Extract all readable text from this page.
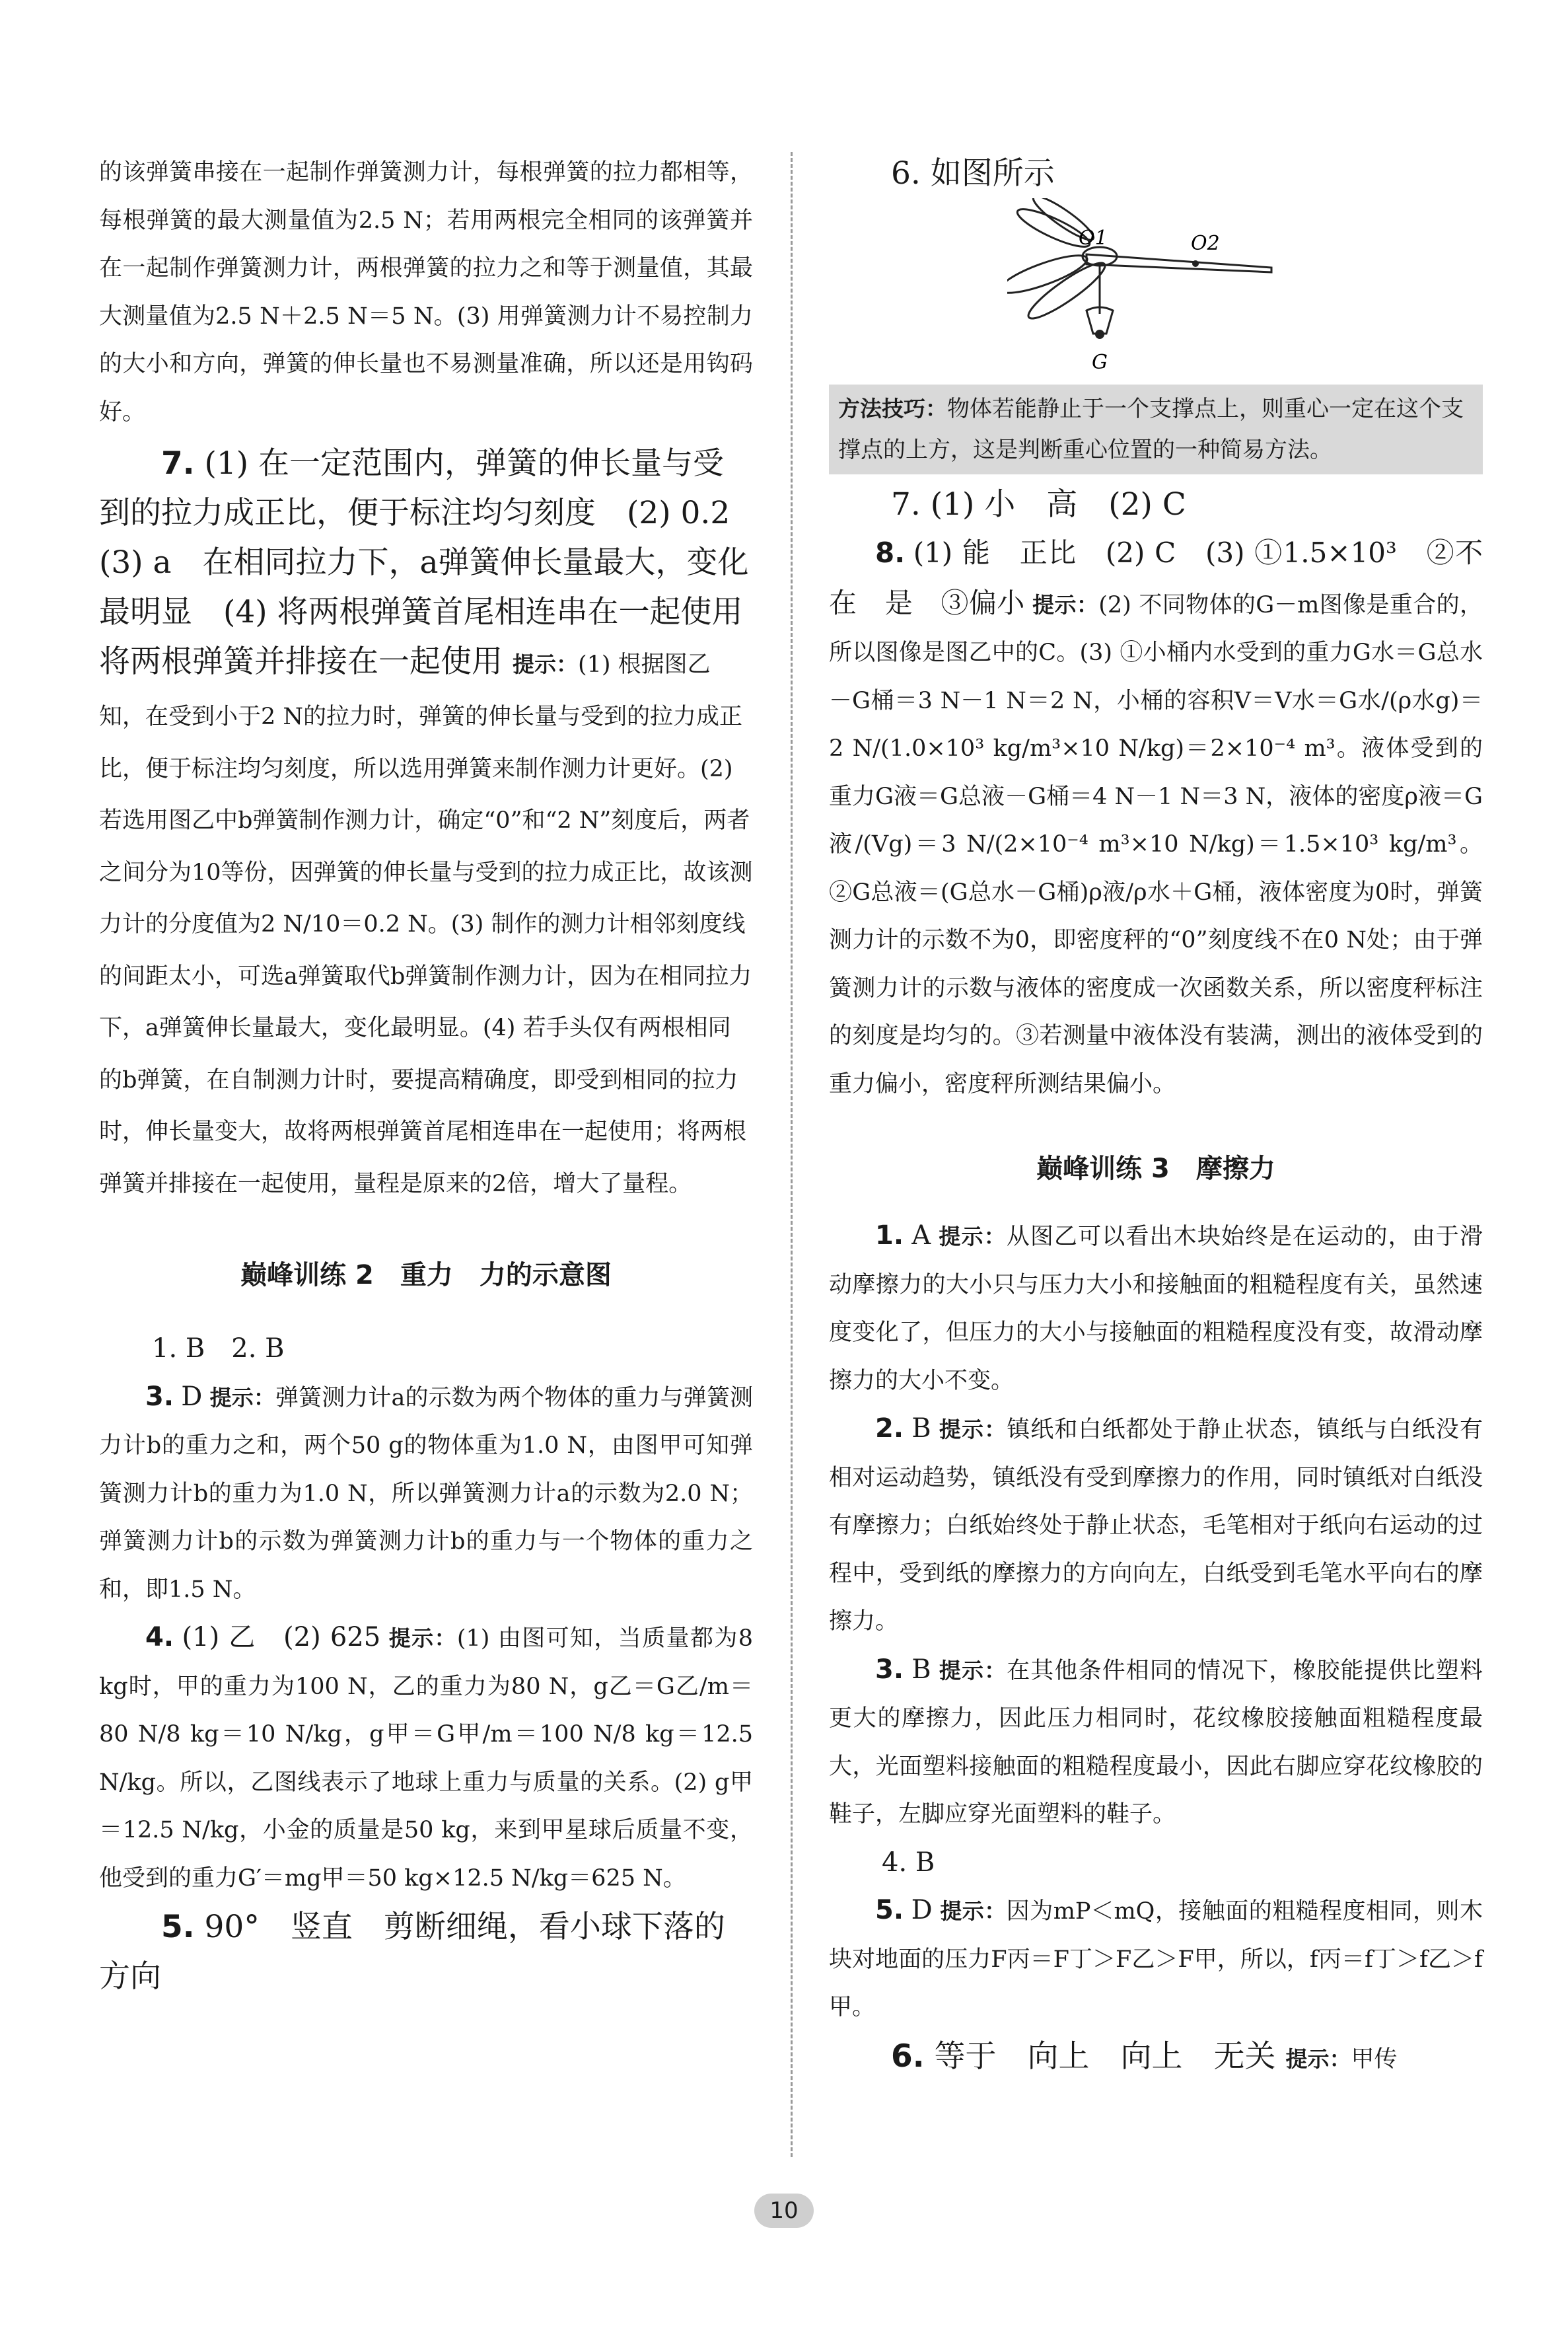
的该弹簧串接在一起制作弹簧测力计，每根弹簧的拉力都相等，每根弹簧的最大测量值为2.5 N；若用两根完全相同的该弹簧并在一起制作弹簧测力计，两根弹簧的拉力之和等于测量值，其最大测量值为2.5 N＋2.5 N＝5 N。(3) 用弹簧测力计不易控制力的大小和方向，弹簧的伸长量也不易测量准确，所以还是用钩码好。

7. (1) 在一定范围内，弹簧的伸长量与受到的拉力成正比，便于标注均匀刻度　(2) 0.2　(3) a　在相同拉力下，a弹簧伸长量最大，变化最明显　(4) 将两根弹簧首尾相连串在一起使用　将两根弹簧并排接在一起使用 提示：(1) 根据图乙知，在受到小于2 N的拉力时，弹簧的伸长量与受到的拉力成正比，便于标注均匀刻度，所以选用弹簧来制作测力计更好。(2) 若选用图乙中b弹簧制作测力计，确定“0”和“2 N”刻度后，两者之间分为10等份，因弹簧的伸长量与受到的拉力成正比，故该测力计的分度值为2 N/10＝0.2 N。(3) 制作的测力计相邻刻度线的间距太小，可选a弹簧取代b弹簧制作测力计，因为在相同拉力下，a弹簧伸长量最大，变化最明显。(4) 若手头仅有两根相同的b弹簧，在自制测力计时，要提高精确度，即受到相同的拉力时，伸长量变大，故将两根弹簧首尾相连串在一起使用；将两根弹簧并排接在一起使用，量程是原来的2倍，增大了量程。

巅峰训练 2　重力　力的示意图

1. B　2. B

3. D 提示：弹簧测力计a的示数为两个物体的重力与弹簧测力计b的重力之和，两个50 g的物体重为1.0 N，由图甲可知弹簧测力计b的重力为1.0 N，所以弹簧测力计a的示数为2.0 N；弹簧测力计b的示数为弹簧测力计b的重力与一个物体的重力之和，即1.5 N。

4. (1) 乙　(2) 625 提示：(1) 由图可知，当质量都为8 kg时，甲的重力为100 N，乙的重力为80 N，g乙＝G乙/m＝80 N/8 kg＝10 N/kg，g甲＝G甲/m＝100 N/8 kg＝12.5 N/kg。所以，乙图线表示了地球上重力与质量的关系。(2) g甲＝12.5 N/kg，小金的质量是50 kg，来到甲星球后质量不变，他受到的重力G′＝mg甲＝50 kg×12.5 N/kg＝625 N。

5. 90°　竖直　剪断细绳，看小球下落的方向

6. 如图所示

O1	O2
G
方法技巧：物体若能静止于一个支撑点上，则重心一定在这个支撑点的上方，这是判断重心位置的一种简易方法。

7. (1) 小　高　(2) C

8. (1) 能　正比　(2) C　(3) ①1.5×10³　②不在　是　③偏小 提示：(2) 不同物体的G－m图像是重合的，所以图像是图乙中的C。(3) ①小桶内水受到的重力G水＝G总水－G桶＝3 N－1 N＝2 N，小桶的容积V＝V水＝G水/(ρ水g)＝2 N/(1.0×10³ kg/m³×10 N/kg)＝2×10⁻⁴ m³。液体受到的重力G液＝G总液－G桶＝4 N－1 N＝3 N，液体的密度ρ液＝G液/(Vg)＝3 N/(2×10⁻⁴ m³×10 N/kg)＝1.5×10³ kg/m³。②G总液＝(G总水－G桶)ρ液/ρ水＋G桶，液体密度为0时，弹簧测力计的示数不为0，即密度秤的“0”刻度线不在0 N处；由于弹簧测力计的示数与液体的密度成一次函数关系，所以密度秤标注的刻度是均匀的。③若测量中液体没有装满，测出的液体受到的重力偏小，密度秤所测结果偏小。

巅峰训练 3　摩擦力

1. A 提示：从图乙可以看出木块始终是在运动的，由于滑动摩擦力的大小只与压力大小和接触面的粗糙程度有关，虽然速度变化了，但压力的大小与接触面的粗糙程度没有变，故滑动摩擦力的大小不变。

2. B 提示：镇纸和白纸都处于静止状态，镇纸与白纸没有相对运动趋势，镇纸没有受到摩擦力的作用，同时镇纸对白纸没有摩擦力；白纸始终处于静止状态，毛笔相对于纸向右运动的过程中，受到纸的摩擦力的方向向左，白纸受到毛笔水平向右的摩擦力。

3. B 提示：在其他条件相同的情况下，橡胶能提供比塑料更大的摩擦力，因此压力相同时，花纹橡胶接触面粗糙程度最大，光面塑料接触面的粗糙程度最小，因此右脚应穿花纹橡胶的鞋子，左脚应穿光面塑料的鞋子。

4. B

5. D 提示：因为mP＜mQ，接触面的粗糙程度相同，则木块对地面的压力F丙＝F丁＞F乙＞F甲，所以，f丙＝f丁＞f乙＞f甲。

6. 等于　向上　向上　无关 提示：甲传

10
